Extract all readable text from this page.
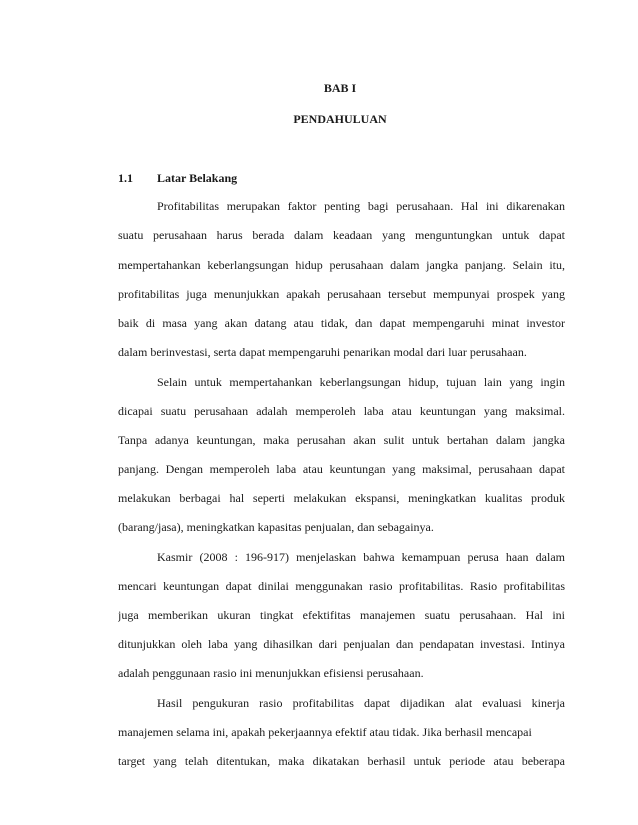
BAB I
PENDAHULUAN
1.1 Latar Belakang
Profitabilitas merupakan faktor penting bagi perusahaan. Hal ini dikarenakan
suatu perusahaan harus berada dalam keadaan yang menguntungkan untuk dapat
mempertahankan keberlangsungan hidup perusahaan dalam jangka panjang. Selain itu,
profitabilitas juga menunjukkan apakah perusahaan tersebut mempunyai prospek yang
baik di masa yang akan datang atau tidak, dan dapat mempengaruhi minat investor
dalam berinvestasi, serta dapat mempengaruhi penarikan modal dari luar perusahaan.
Selain untuk mempertahankan keberlangsungan hidup, tujuan lain yang ingin
dicapai suatu perusahaan adalah memperoleh laba atau keuntungan yang maksimal.
Tanpa adanya keuntungan, maka perusahan akan sulit untuk bertahan dalam jangka
panjang. Dengan memperoleh laba atau keuntungan yang maksimal, perusahaan dapat
melakukan berbagai hal seperti melakukan ekspansi, meningkatkan kualitas produk
(barang/jasa), meningkatkan kapasitas penjualan, dan sebagainya.
Kasmir (2008 : 196-917) menjelaskan bahwa kemampuan perusa haan dalam
mencari keuntungan dapat dinilai menggunakan rasio profitabilitas. Rasio profitabilitas
juga memberikan ukuran tingkat efektifitas manajemen suatu perusahaan. Hal ini
ditunjukkan oleh laba yang dihasilkan dari penjualan dan pendapatan investasi. Intinya
adalah penggunaan rasio ini menunjukkan efisiensi perusahaan.
Hasil pengukuran rasio profitabilitas dapat dijadikan alat evaluasi kinerja
manajemen selama ini, apakah pekerjaannya efektif atau tidak. Jika berhasil mencapai
target yang telah ditentukan, maka dikatakan berhasil untuk periode atau beberapa
